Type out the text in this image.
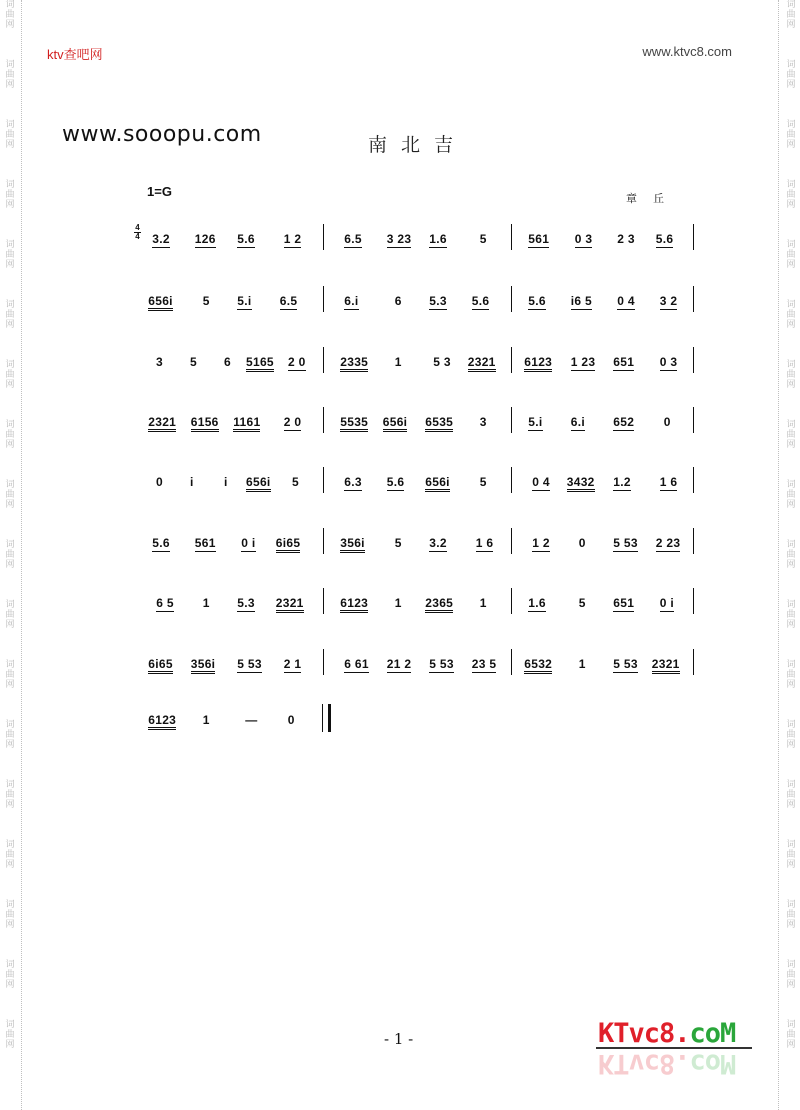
词
曲
网
词
曲
网
词
曲
网
词
曲
网
词
曲
网
词
曲
网
词
曲
网
词
曲
网
词
曲
网
词
曲
网
词
曲
网
词
曲
网
词
曲
网
词
曲
网
词
曲
网
词
曲
网
词
曲
网
词
曲
网
词
曲
网
词
曲
网
词
曲
网
词
曲
网
词
曲
网
词
曲
网
词
曲
网
词
曲
网
词
曲
网
词
曲
网
词
曲
网
词
曲
网
词
曲
网
词
曲
网
词
曲
网
词
曲
网
词
曲
网
词
曲
网
ktv查吧网	www.ktvc8.com
www.sooopu.com	南北吉
1=G	章丘
4
4 3.2 126 5.6 1 2	6.5 3 23 1.6	5	561 0 3 2 3 5.6
656i 5 5.i 6.5	6.i	6 5.3 5.6	5.6 i6 5 0 4 3 2
3 5 6 5165 2 0	2335 1	5 3 2321 6123 1 23 651 0 3
2321 6156 1161 2 0	5535 656i 6535 3	5.i 6.i 652 0
0 i	i 656i 5	6.3 5.6 656i 5	0 4 3432 1.2 1 6
5.6 561 0 i 6i65	356i 5 3.2 1 6	1 2 0 5 53 2 23
6 5 1 5.3 2321	6123 1 2365 1	1.6	5 651 0 i
6i65 356i 5 53 2 1	6 61 21 2 5 53 23 5 6532 1 5 53 2321
6123 1	—	0
- 1 -	KTvc8.coM
KTvc8.coM
